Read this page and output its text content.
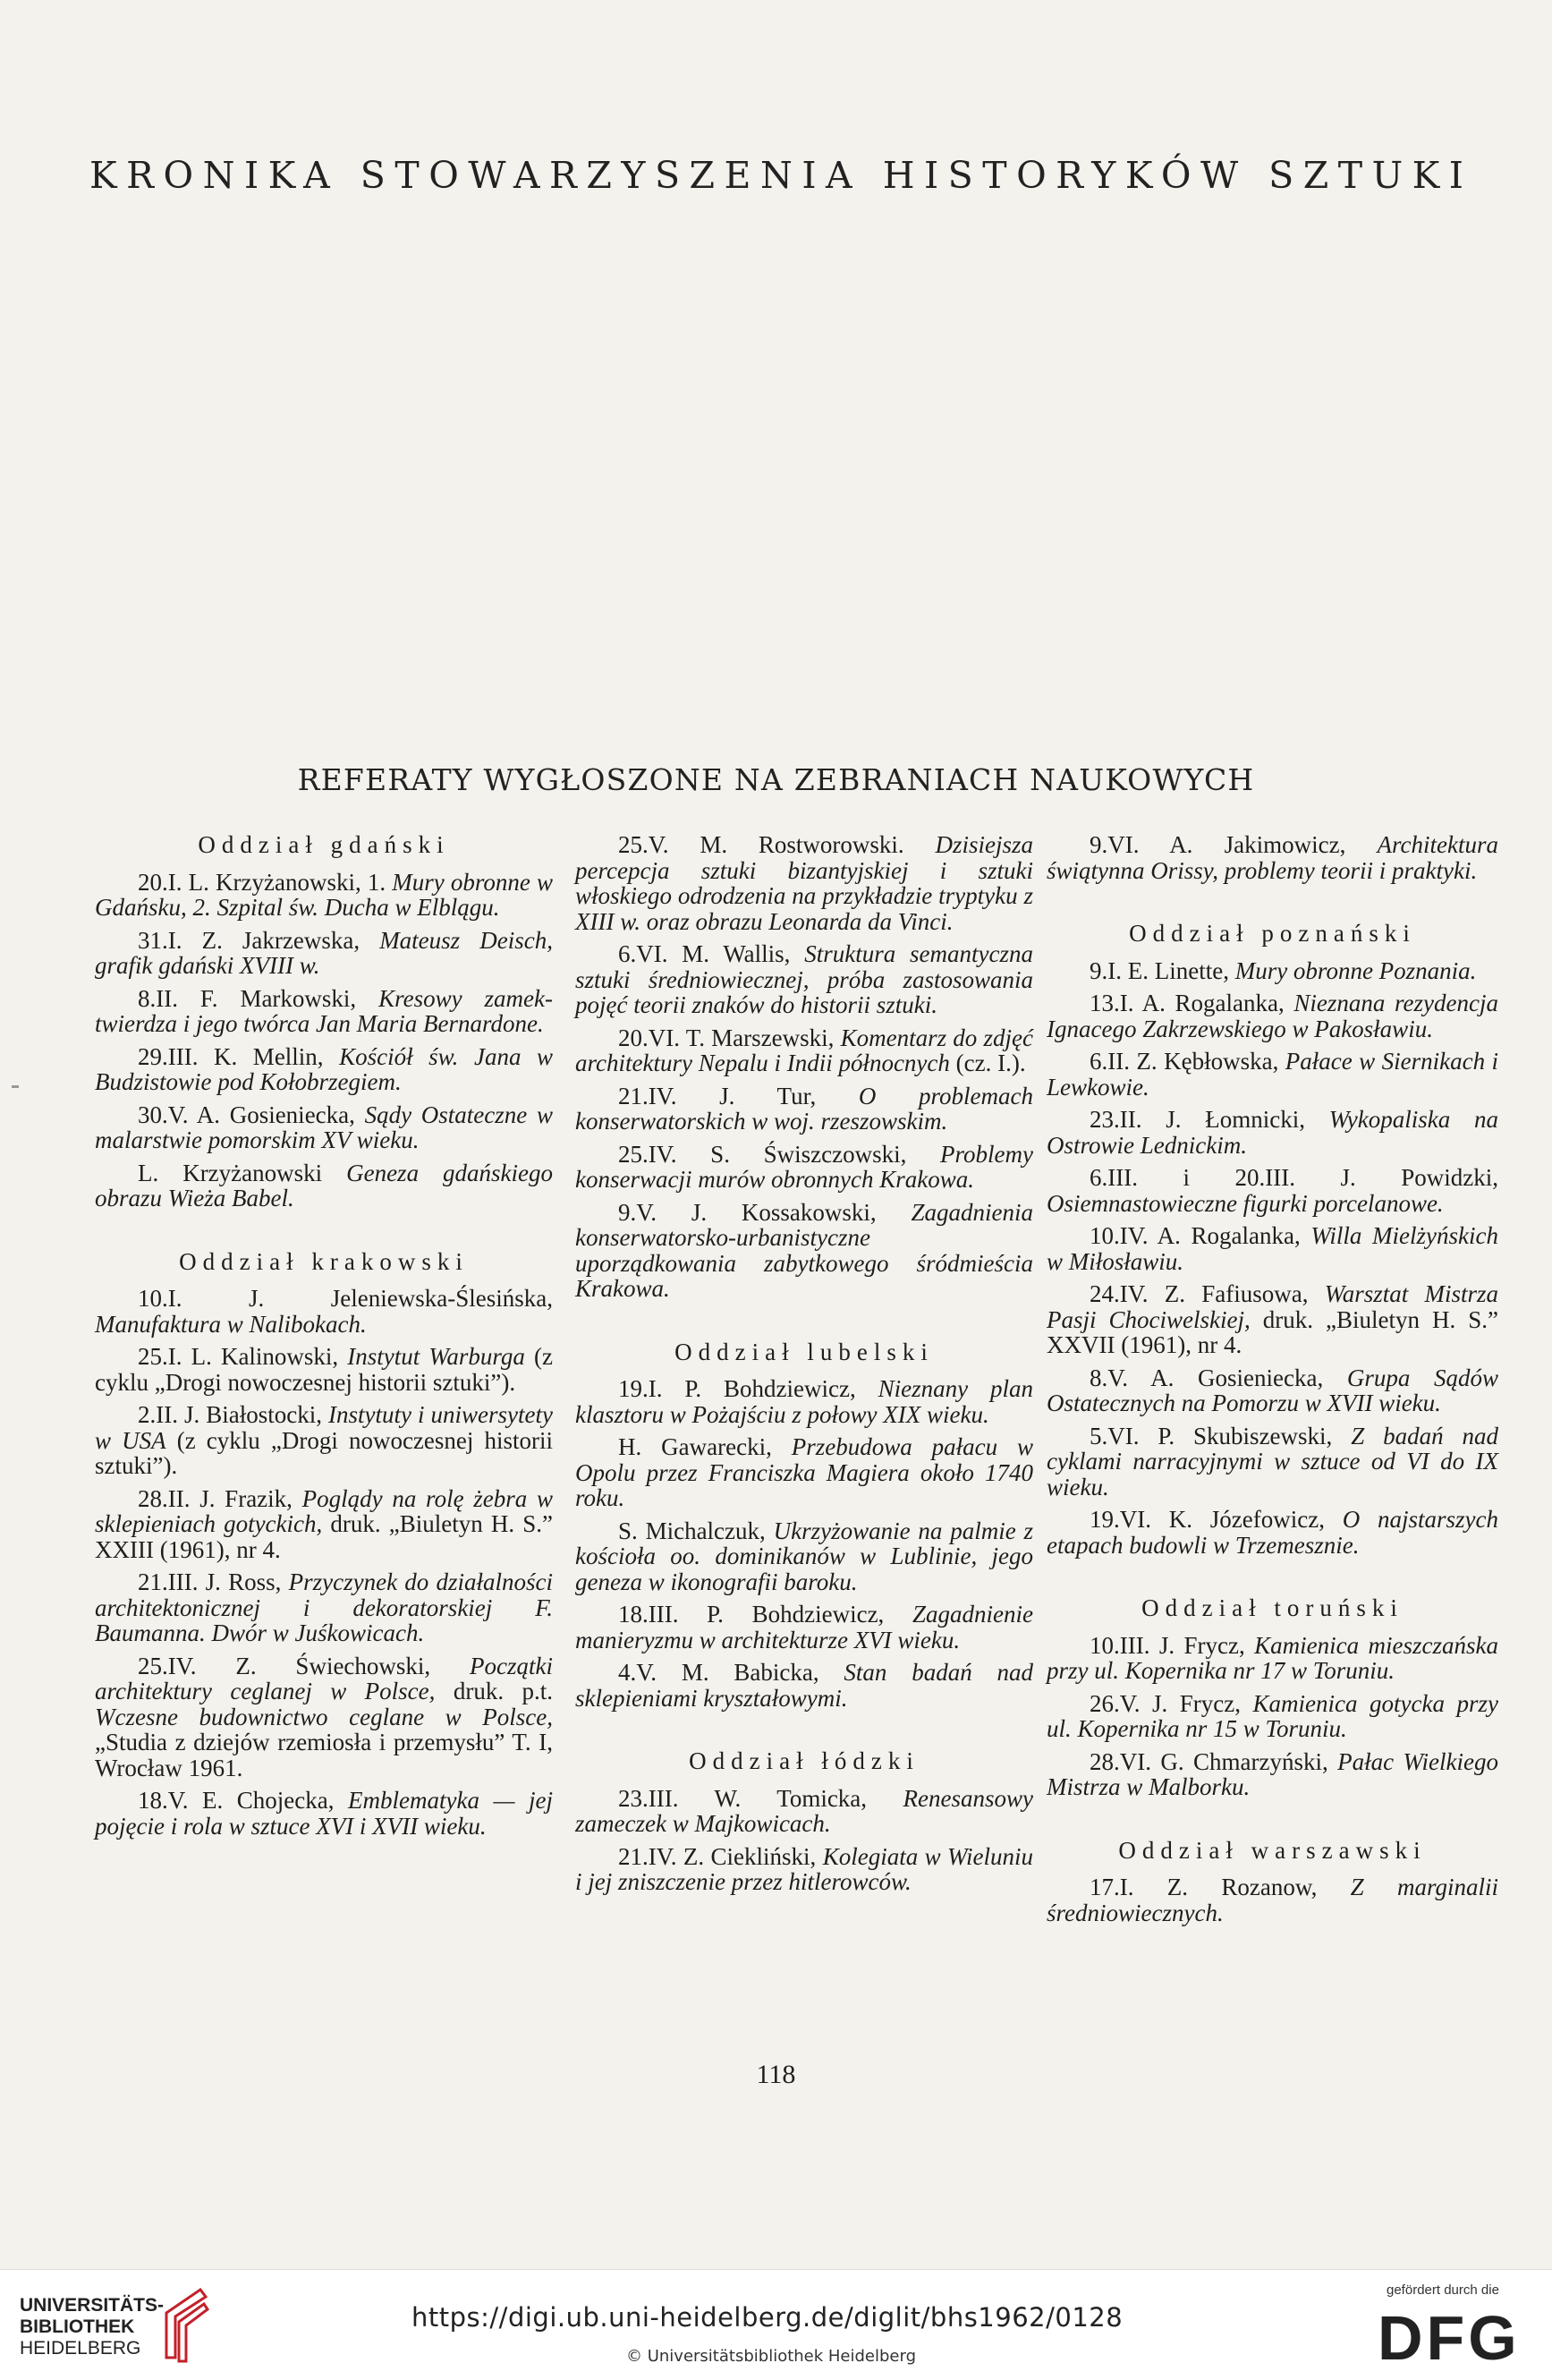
KRONIKA STOWARZYSZENIA HISTORYKÓW SZTUKI
REFERATY WYGŁOSZONE NA ZEBRANIACH NAUKOWYCH
Oddział gdański
20.I. L. Krzyżanowski, 1. Mury obronne w Gdańsku, 2. Szpital św. Ducha w Elblągu.
31.I. Z. Jakrzewska, Mateusz Deisch, grafik gdański XVIII w.
8.II. F. Markowski, Kresowy zamek-twierdza i jego twórca Jan Maria Bernardone.
29.III. K. Mellin, Kościół św. Jana w Budzistowie pod Kołobrzegiem.
30.V. A. Gosieniecka, Sądy Ostateczne w malarstwie pomorskim XV wieku.
L. Krzyżanowski Geneza gdańskiego obrazu Wieża Babel.
Oddział krakowski
10.I. J. Jeleniewska-Ślesińska, Manufaktura w Nalibokach.
25.I. L. Kalinowski, Instytut Warburga (z cyklu „Drogi nowoczesnej historii sztuki”).
2.II. J. Białostocki, Instytuty i uniwersytety w USA (z cyklu „Drogi nowoczesnej historii sztuki”).
28.II. J. Frazik, Poglądy na rolę żebra w sklepieniach gotyckich, druk. „Biuletyn H. S.” XXIII (1961), nr 4.
21.III. J. Ross, Przyczynek do działalności architektonicznej i dekoratorskiej F. Baumanna. Dwór w Juśkowicach.
25.IV. Z. Świechowski, Początki architektury ceglanej w Polsce, druk. p.t. Wczesne budownictwo ceglane w Polsce, „Studia z dziejów rzemiosła i przemysłu” T. I, Wrocław 1961.
18.V. E. Chojecka, Emblematyka — jej pojęcie i rola w sztuce XVI i XVII wieku.
25.V. M. Rostworowski. Dzisiejsza percepcja sztuki bizantyjskiej i sztuki włoskiego odrodzenia na przykładzie tryptyku z XIII w. oraz obrazu Leonarda da Vinci.
6.VI. M. Wallis, Struktura semantyczna sztuki średniowiecznej, próba zastosowania pojęć teorii znaków do historii sztuki.
20.VI. T. Marszewski, Komentarz do zdjęć architektury Nepalu i Indii północnych (cz. I.).
21.IV. J. Tur, O problemach konserwatorskich w woj. rzeszowskim.
25.IV. S. Świszczowski, Problemy konserwacji murów obronnych Krakowa.
9.V. J. Kossakowski, Zagadnienia konserwatorsko-urbanistyczne uporządkowania zabytkowego śródmieścia Krakowa.
Oddział lubelski
19.I. P. Bohdziewicz, Nieznany plan klasztoru w Pożajściu z połowy XIX wieku.
H. Gawarecki, Przebudowa pałacu w Opolu przez Franciszka Magiera około 1740 roku.
S. Michalczuk, Ukrzyżowanie na palmie z kościoła oo. dominikanów w Lublinie, jego geneza w ikonografii baroku.
18.III. P. Bohdziewicz, Zagadnienie manieryzmu w architekturze XVI wieku.
4.V. M. Babicka, Stan badań nad sklepieniami kryształowymi.
Oddział łódzki
23.III. W. Tomicka, Renesansowy zameczek w Majkowicach.
21.IV. Z. Ciekliński, Kolegiata w Wieluniu i jej zniszczenie przez hitlerowców.
9.VI. A. Jakimowicz, Architektura świątynna Orissy, problemy teorii i praktyki.
Oddział poznański
9.I. E. Linette, Mury obronne Poznania.
13.I. A. Rogalanka, Nieznana rezydencja Ignacego Zakrzewskiego w Pakosławiu.
6.II. Z. Kębłowska, Pałace w Siernikach i Lewkowie.
23.II. J. Łomnicki, Wykopaliska na Ostrowie Lednickim.
6.III. i 20.III. J. Powidzki, Osiemnastowieczne figurki porcelanowe.
10.IV. A. Rogalanka, Willa Mielżyńskich w Miłosławiu.
24.IV. Z. Fafiusowa, Warsztat Mistrza Pasji Chociwelskiej, druk. „Biuletyn H. S.” XXVII (1961), nr 4.
8.V. A. Gosieniecka, Grupa Sądów Ostatecznych na Pomorzu w XVII wieku.
5.VI. P. Skubiszewski, Z badań nad cyklami narracyjnymi w sztuce od VI do IX wieku.
19.VI. K. Józefowicz, O najstarszych etapach budowli w Trzemesznie.
Oddział toruński
10.III. J. Frycz, Kamienica mieszczańska przy ul. Kopernika nr 17 w Toruniu.
26.V. J. Frycz, Kamienica gotycka przy ul. Kopernika nr 15 w Toruniu.
28.VI. G. Chmarzyński, Pałac Wielkiego Mistrza w Malborku.
Oddział warszawski
17.I. Z. Rozanow, Z marginalii średniowiecznych.
118
UNIVERSITÄTS-
BIBLIOTHEK
HEIDELBERG
https://digi.ub.uni-heidelberg.de/diglit/bhs1962/0128
© Universitätsbibliothek Heidelberg
gefördert durch die
DFG
